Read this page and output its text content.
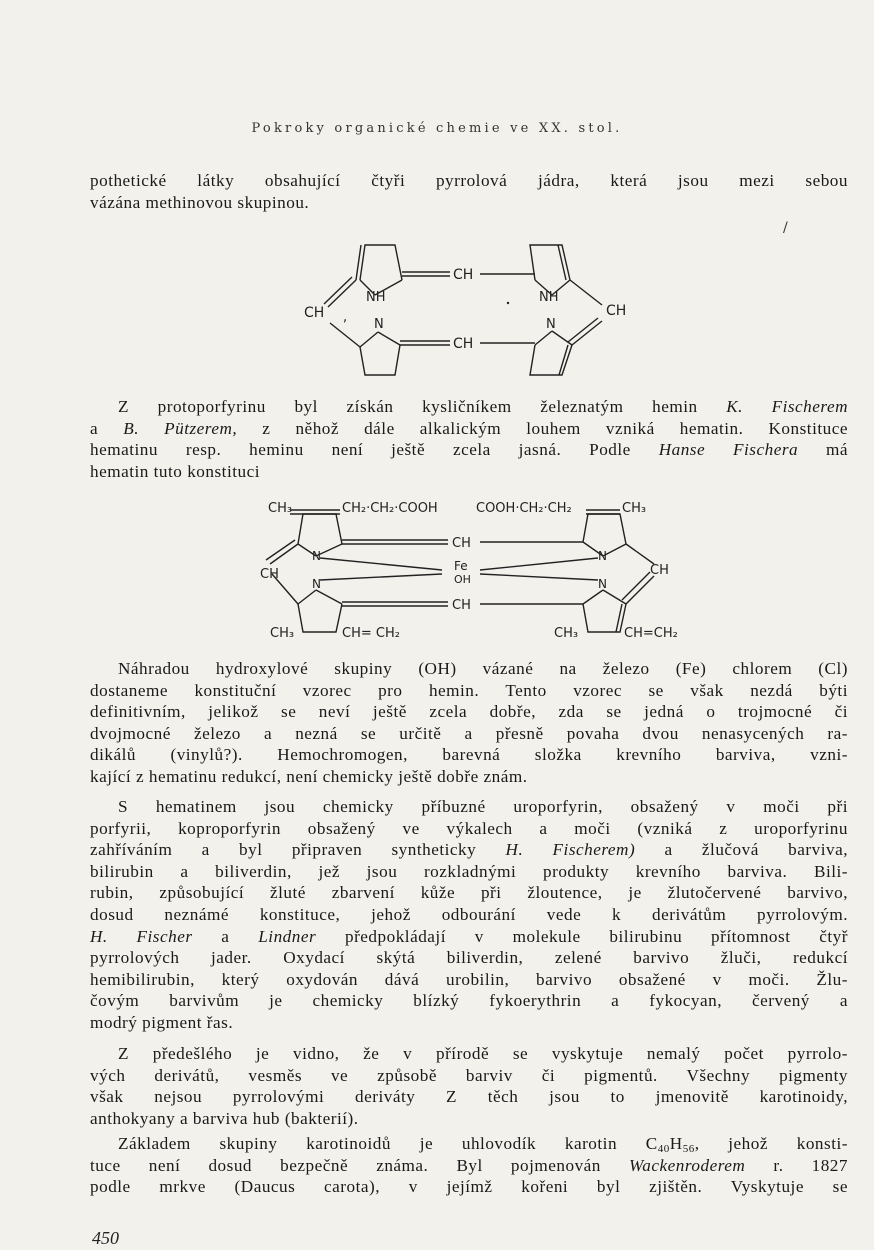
Pokroky organické chemie ve XX. stol.
pothetické látky obsahující čtyři pyrrolová jádra, která jsou mezi sebou
vázána methinovou skupinou.
/
CH
CH
CH	CH
NH	NH
N	N
,
Z protoporfyrinu byl získán kysličníkem železnatým hemin K. Fischerem
a B. Pützerem, z něhož dále alkalickým louhem vzniká hematin. Konstituce
hematinu resp. heminu není ještě zcela jasná. Podle Hanse Fischera má
hematin tuto konstituci
CH₃	CH₂·CH₂·COOH	COOH·CH₂·CH₂	CH₃
CH
CH
CH	CH
N	N
N	N
Fe
OH
CH₃	CH= CH₂	CH₃	CH=CH₂
Náhradou hydroxylové skupiny (OH) vázané na železo (Fe) chlorem (Cl)
dostaneme konstituční vzorec pro hemin. Tento vzorec se však nezdá býti
definitivním, jelikož se neví ještě zcela dobře, zda se jedná o trojmocné či
dvojmocné železo a nezná se určitě a přesně povaha dvou nenasycených ra-
dikálů (vinylů?). Hemochromogen, barevná složka krevního barviva, vzni-
kající z hematinu redukcí, není chemicky ještě dobře znám.
S hematinem jsou chemicky příbuzné uroporfyrin, obsažený v moči při
porfyrii, koproporfyrin obsažený ve výkalech a moči (vzniká z uroporfyrinu
zahříváním a byl připraven syntheticky H. Fischerem) a žlučová barviva,
bilirubin a biliverdin, jež jsou rozkladnými produkty krevního barviva. Bili-
rubin, způsobující žluté zbarvení kůže při žloutence, je žlutočervené barvivo,
dosud neznámé konstituce, jehož odbourání vede k derivátům pyrrolovým.
H. Fischer a Lindner předpokládají v molekule bilirubinu přítomnost čtyř
pyrrolových jader. Oxydací skýtá biliverdin, zelené barvivo žluči, redukcí
hemibilirubin, který oxydován dává urobilin, barvivo obsažené v moči. Žlu-
čovým barvivům je chemicky blízký fykoerythrin a fykocyan, červený a
modrý pigment řas.
Z předešlého je vidno, že v přírodě se vyskytuje nemalý počet pyrrolo-
vých derivátů, vesměs ve způsobě barviv či pigmentů. Všechny pigmenty
však nejsou pyrrolovými deriváty Z těch jsou to jmenovitě karotinoidy,
anthokyany a barviva hub (bakterií).
Základem skupiny karotinoidů je uhlovodík karotin $C_{40}H_{56}$, jehož konsti-
tuce není dosud bezpečně známa. Byl pojmenován Wackenroderem r. 1827
podle mrkve (Daucus carota), v jejímž kořeni byl zjištěn. Vyskytuje se
450
